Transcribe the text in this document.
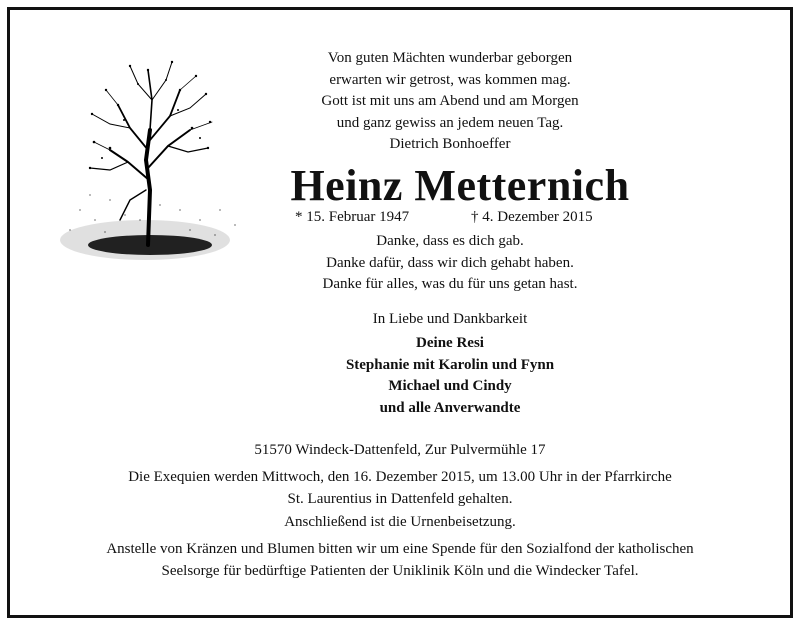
Von guten Mächten wunderbar geborgen
erwarten wir getrost, was kommen mag.
Gott ist mit uns am Abend und am Morgen
und ganz gewiss an jedem neuen Tag.
Dietrich Bonhoeffer
Heinz Metternich
* 15. Februar 1947	† 4. Dezember 2015
Danke, dass es dich gab.
Danke dafür, dass wir dich gehabt haben.
Danke für alles, was du für uns getan hast.
In Liebe und Dankbarkeit
Deine Resi
Stephanie mit Karolin und Fynn
Michael und Cindy
und alle Anverwandte
51570 Windeck-Dattenfeld, Zur Pulvermühle 17
Die Exequien werden Mittwoch, den 16. Dezember 2015, um 13.00 Uhr in der Pfarrkirche
St. Laurentius in Dattenfeld gehalten.
Anschließend ist die Urnenbeisetzung.
Anstelle von Kränzen und Blumen bitten wir um eine Spende für den Sozialfond der katholischen
Seelsorge für bedürftige Patienten der Uniklinik Köln und die Windecker Tafel.
